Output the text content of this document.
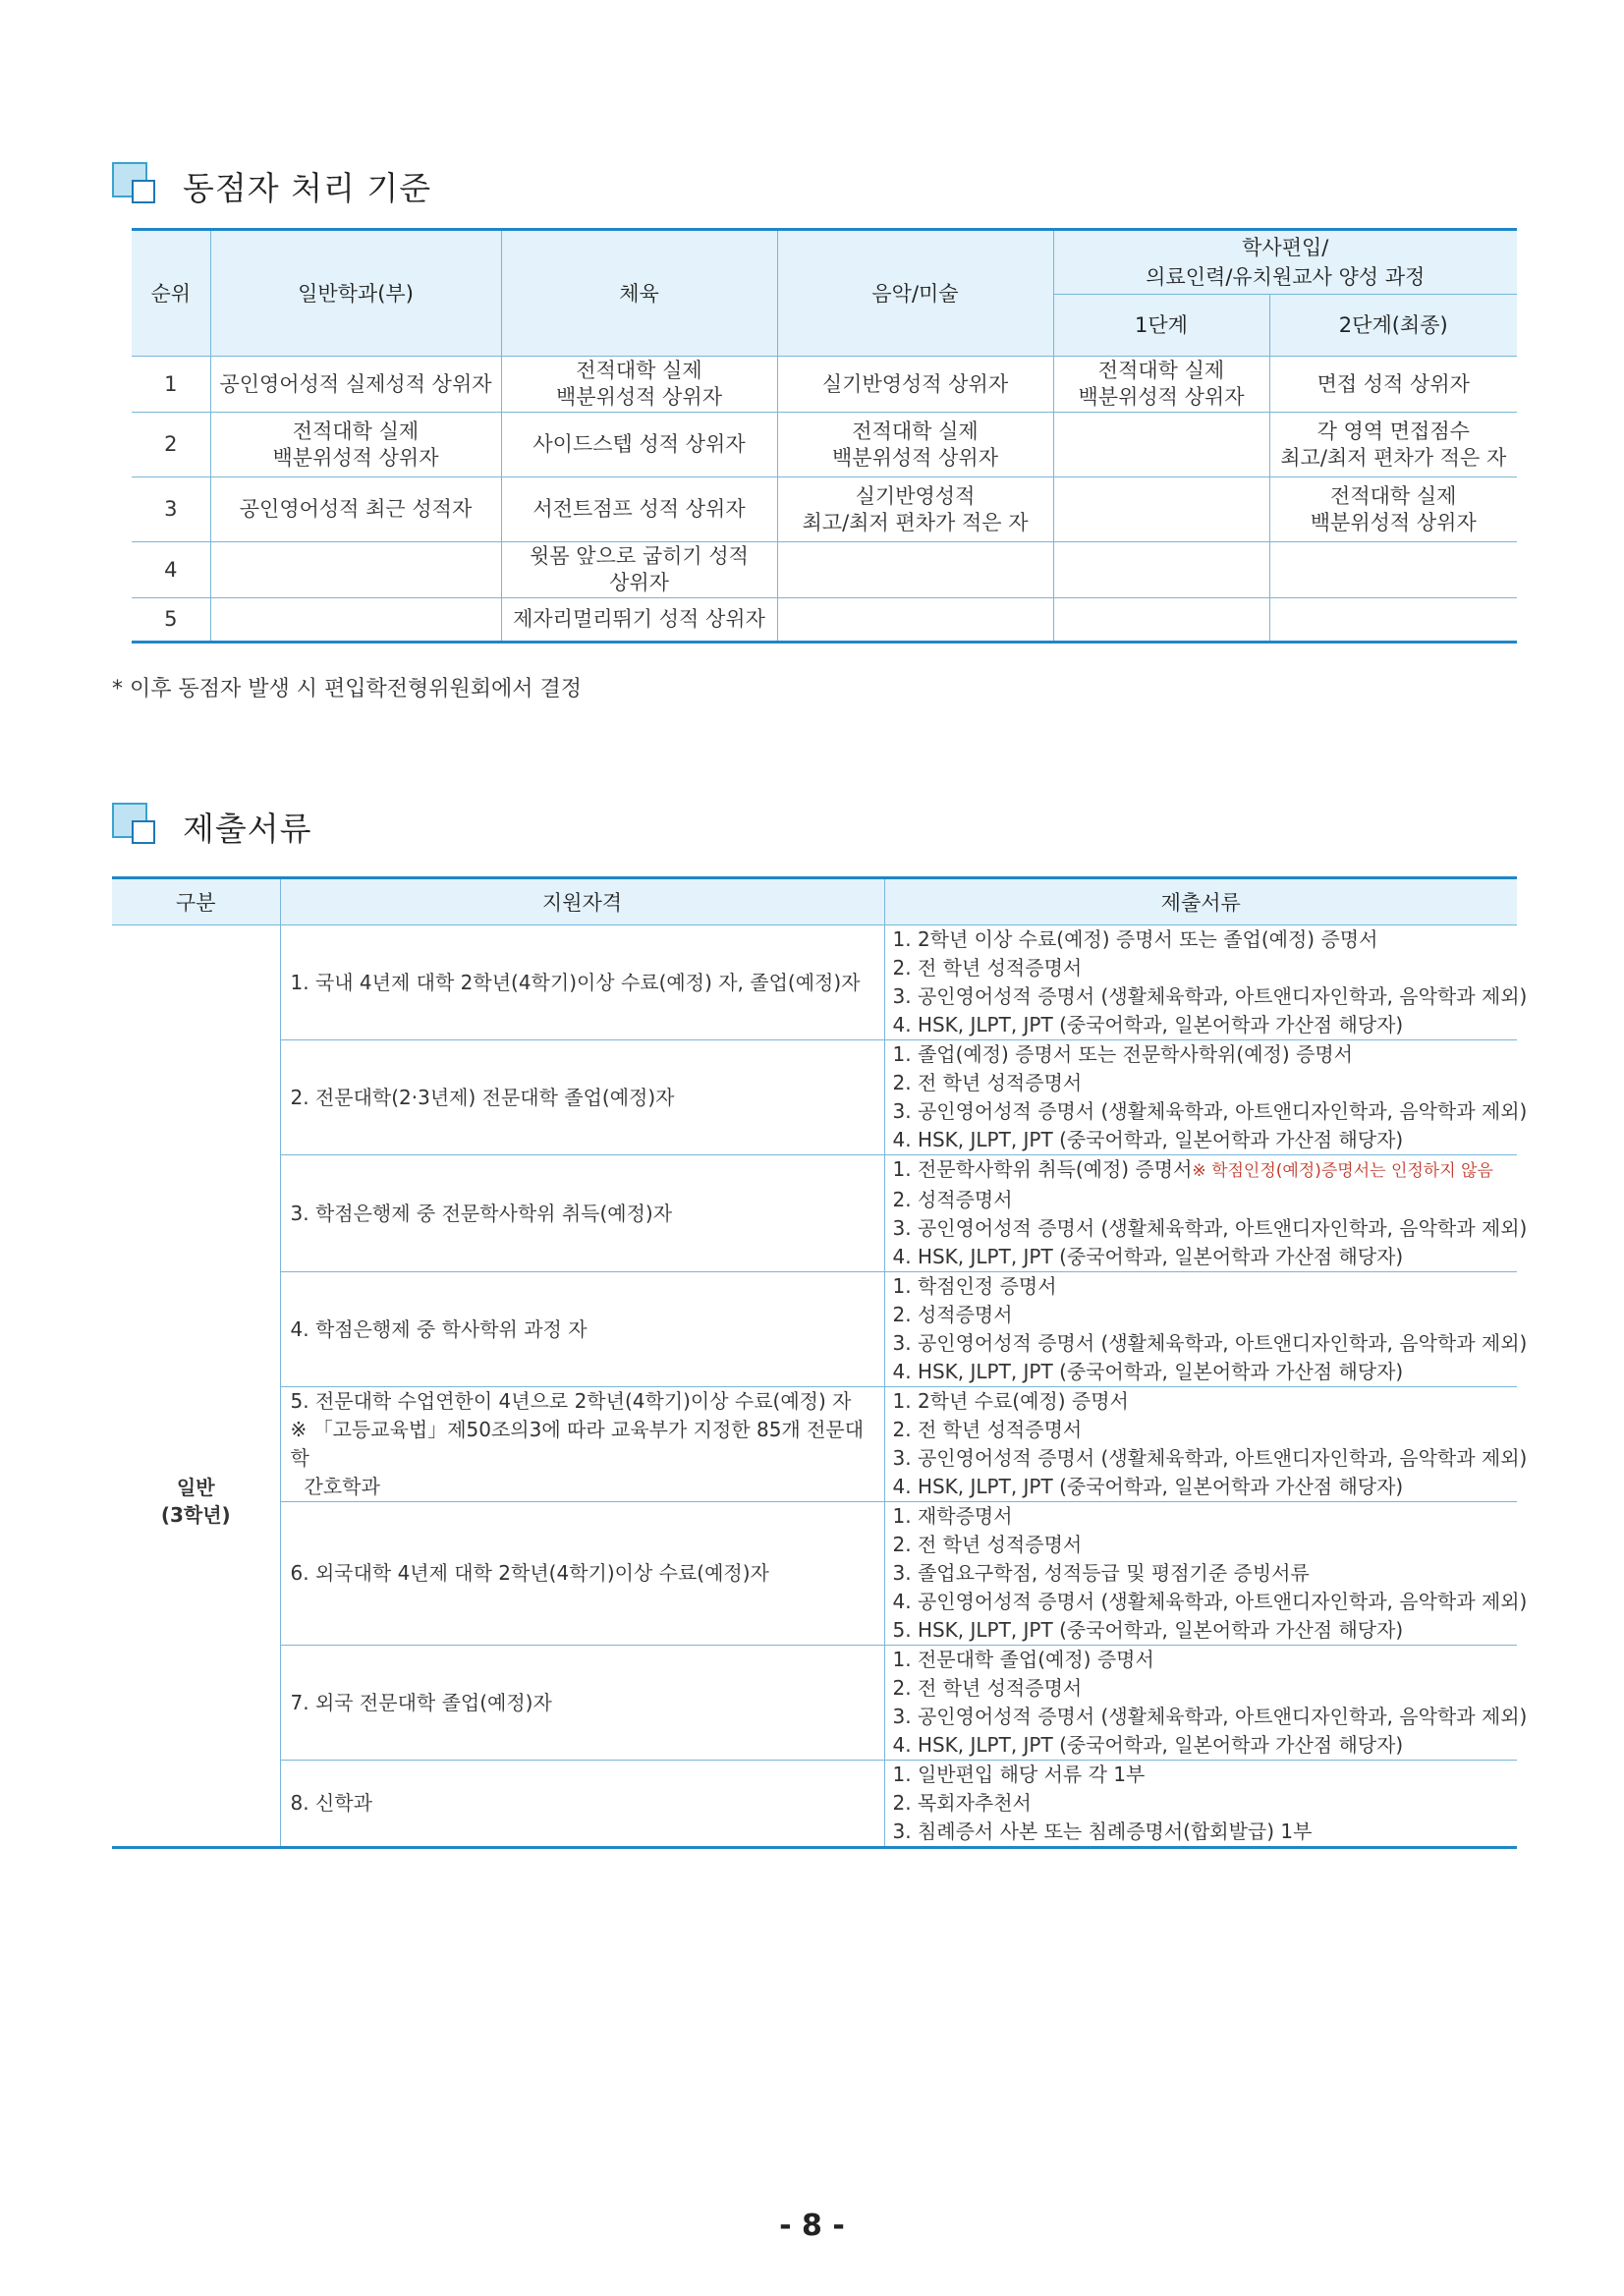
동점자 처리 기준
순위	일반학과(부)	체육	음악/미술	학사편입/
의료인력/유치원교사 양성 과정	

				1단계	2단계(최종)
1	공인영어성적 실제성적 상위자	전적대학 실제
백분위성적 상위자	실기반영성적 상위자	전적대학 실제
백분위성적 상위자	면접 성적 상위자

2	전적대학 실제
백분위성적 상위자	사이드스텝 성적 상위자	전적대학 실제
백분위성적 상위자		각 영역 면접점수
최고/최저 편차가 적은 자

3	공인영어성적 최근 성적자	서전트점프 성적 상위자	실기반영성적
최고/최저 편차가 적은 자		전적대학 실제
백분위성적 상위자

4		윗몸 앞으로 굽히기 성적
상위자			

5		제자리멀리뛰기 성적 상위자			

* 이후 동점자 발생 시 편입학전형위원회에서 결정
제출서류
구분	지원자격	제출서류

일반
(3학년)	1. 국내 4년제 대학 2학년(4학기)이상 수료(예정) 자, 졸업(예정)자	1. 2학년 이상 수료(예정) 증명서 또는 졸업(예정) 증명서
2. 전 학년 성적증명서
3. 공인영어성적 증명서 (생활체육학과, 아트앤디자인학과, 음악학과 제외)
4. HSK, JLPT, JPT (중국어학과, 일본어학과 가산점 해당자)

	2. 전문대학(2·3년제) 전문대학 졸업(예정)자	1. 졸업(예정) 증명서 또는 전문학사학위(예정) 증명서
2. 전 학년 성적증명서
3. 공인영어성적 증명서 (생활체육학과, 아트앤디자인학과, 음악학과 제외)
4. HSK, JLPT, JPT (중국어학과, 일본어학과 가산점 해당자)

	3. 학점은행제 중 전문학사학위 취득(예정)자	1. 전문학사학위 취득(예정) 증명서※ 학점인정(예정)증명서는 인정하지 않음
2. 성적증명서
3. 공인영어성적 증명서 (생활체육학과, 아트앤디자인학과, 음악학과 제외)
4. HSK, JLPT, JPT (중국어학과, 일본어학과 가산점 해당자)

	4. 학점은행제 중 학사학위 과정 자	1. 학점인정 증명서
2. 성적증명서
3. 공인영어성적 증명서 (생활체육학과, 아트앤디자인학과, 음악학과 제외)
4. HSK, JLPT, JPT (중국어학과, 일본어학과 가산점 해당자)

	5. 전문대학 수업연한이 4년으로 2학년(4학기)이상 수료(예정) 자
※ 「고등교육법」제50조의3에 따라 교육부가 지정한 85개 전문대학
간호학과	1. 2학년 수료(예정) 증명서
2. 전 학년 성적증명서
3. 공인영어성적 증명서 (생활체육학과, 아트앤디자인학과, 음악학과 제외)
4. HSK, JLPT, JPT (중국어학과, 일본어학과 가산점 해당자)

	6. 외국대학 4년제 대학 2학년(4학기)이상 수료(예정)자	1. 재학증명서
2. 전 학년 성적증명서
3. 졸업요구학점, 성적등급 및 평점기준 증빙서류
4. 공인영어성적 증명서 (생활체육학과, 아트앤디자인학과, 음악학과 제외)
5. HSK, JLPT, JPT (중국어학과, 일본어학과 가산점 해당자)

	7. 외국 전문대학 졸업(예정)자	1. 전문대학 졸업(예정) 증명서
2. 전 학년 성적증명서
3. 공인영어성적 증명서 (생활체육학과, 아트앤디자인학과, 음악학과 제외)
4. HSK, JLPT, JPT (중국어학과, 일본어학과 가산점 해당자)

	8. 신학과	1. 일반편입 해당 서류 각 1부
2. 목회자추천서
3. 침례증서 사본 또는 침례증명서(합회발급) 1부
- 8 -
